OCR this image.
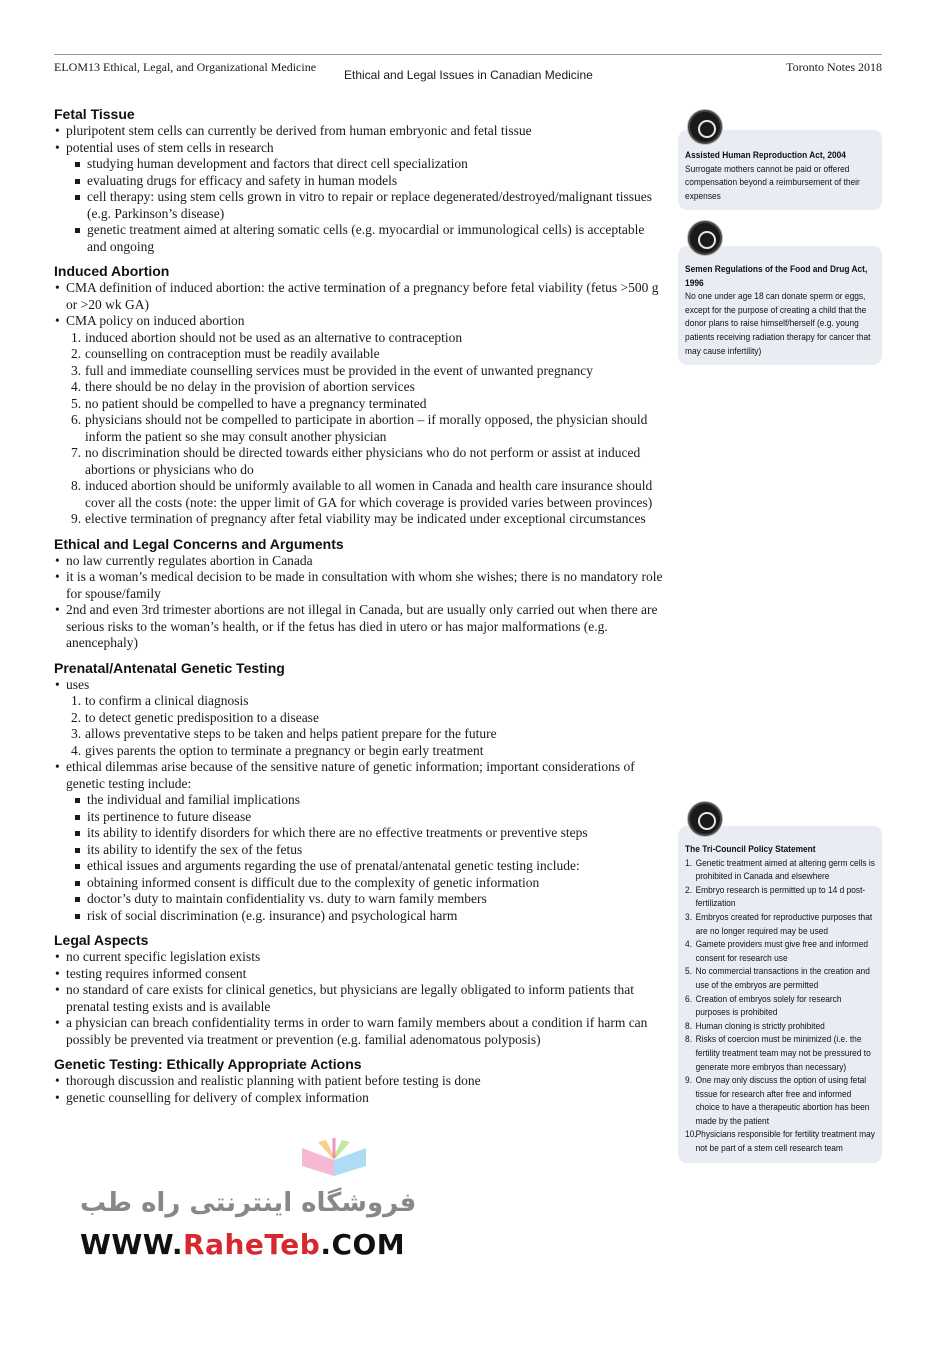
ELOM13 Ethical, Legal, and Organizational Medicine
Ethical and Legal Issues in Canadian Medicine
Toronto Notes 2018
Fetal Tissue
• pluripotent stem cells can currently be derived from human embryonic and fetal tissue
• potential uses of stem cells in research
studying human development and factors that direct cell specialization
evaluating drugs for efficacy and safety in human models
cell therapy: using stem cells grown in vitro to repair or replace degenerated/destroyed/malignant tissues (e.g. Parkinson’s disease)
genetic treatment aimed at altering somatic cells (e.g. myocardial or immunological cells) is acceptable and ongoing
Induced Abortion
• CMA definition of induced abortion: the active termination of a pregnancy before fetal viability (fetus >500 g or >20 wk GA)
• CMA policy on induced abortion
1. induced abortion should not be used as an alternative to contraception
2. counselling on contraception must be readily available
3. full and immediate counselling services must be provided in the event of unwanted pregnancy
4. there should be no delay in the provision of abortion services
5. no patient should be compelled to have a pregnancy terminated
6. physicians should not be compelled to participate in abortion – if morally opposed, the physician should inform the patient so she may consult another physician
7. no discrimination should be directed towards either physicians who do not perform or assist at induced abortions or physicians who do
8. induced abortion should be uniformly available to all women in Canada and health care insurance should cover all the costs (note: the upper limit of GA for which coverage is provided varies between provinces)
9. elective termination of pregnancy after fetal viability may be indicated under exceptional circumstances
Ethical and Legal Concerns and Arguments
• no law currently regulates abortion in Canada
• it is a woman’s medical decision to be made in consultation with whom she wishes; there is no mandatory role for spouse/family
• 2nd and even 3rd trimester abortions are not illegal in Canada, but are usually only carried out when there are serious risks to the woman’s health, or if the fetus has died in utero or has major malformations (e.g. anencephaly)
Prenatal/Antenatal Genetic Testing
• uses
1. to confirm a clinical diagnosis
2. to detect genetic predisposition to a disease
3. allows preventative steps to be taken and helps patient prepare for the future
4. gives parents the option to terminate a pregnancy or begin early treatment
• ethical dilemmas arise because of the sensitive nature of genetic information; important considerations of genetic testing include:
the individual and familial implications
its pertinence to future disease
its ability to identify disorders for which there are no effective treatments or preventive steps
its ability to identify the sex of the fetus
ethical issues and arguments regarding the use of prenatal/antenatal genetic testing include:
obtaining informed consent is difficult due to the complexity of genetic information
doctor’s duty to maintain confidentiality vs. duty to warn family members
risk of social discrimination (e.g. insurance) and psychological harm
Legal Aspects
• no current specific legislation exists
• testing requires informed consent
• no standard of care exists for clinical genetics, but physicians are legally obligated to inform patients that prenatal testing exists and is available
• a physician can breach confidentiality terms in order to warn family members about a condition if harm can possibly be prevented via treatment or prevention (e.g. familial adenomatous polyposis)
Genetic Testing: Ethically Appropriate Actions
• thorough discussion and realistic planning with patient before testing is done
• genetic counselling for delivery of complex information
Assisted Human Reproduction Act, 2004
Surrogate mothers cannot be paid or offered compensation beyond a reimbursement of their expenses
Semen Regulations of the Food and Drug Act, 1996
No one under age 18 can donate sperm or eggs, except for the purpose of creating a child that the donor plans to raise himself/herself (e.g. young patients receiving radiation therapy for cancer that may cause infertility)
The Tri-Council Policy Statement
1. Genetic treatment aimed at altering germ cells is prohibited in Canada and elsewhere
2. Embryo research is permitted up to 14 d post-fertilization
3. Embryos created for reproductive purposes that are no longer required may be used
4. Gamete providers must give free and informed consent for research use
5. No commercial transactions in the creation and use of the embryos are permitted
6. Creation of embryos solely for research purposes is prohibited
8. Human cloning is strictly prohibited
8. Risks of coercion must be minimized (i.e. the fertility treatment team may not be pressured to generate more embryos than necessary)
9. One may only discuss the option of using fetal tissue for research after free and informed choice to have a therapeutic abortion has been made by the patient
10.
Physicians responsible for fertility treatment may not be part of a stem cell research team
فروشگاه اینترنتی راه طب
WWW.RaheTeb.COM
